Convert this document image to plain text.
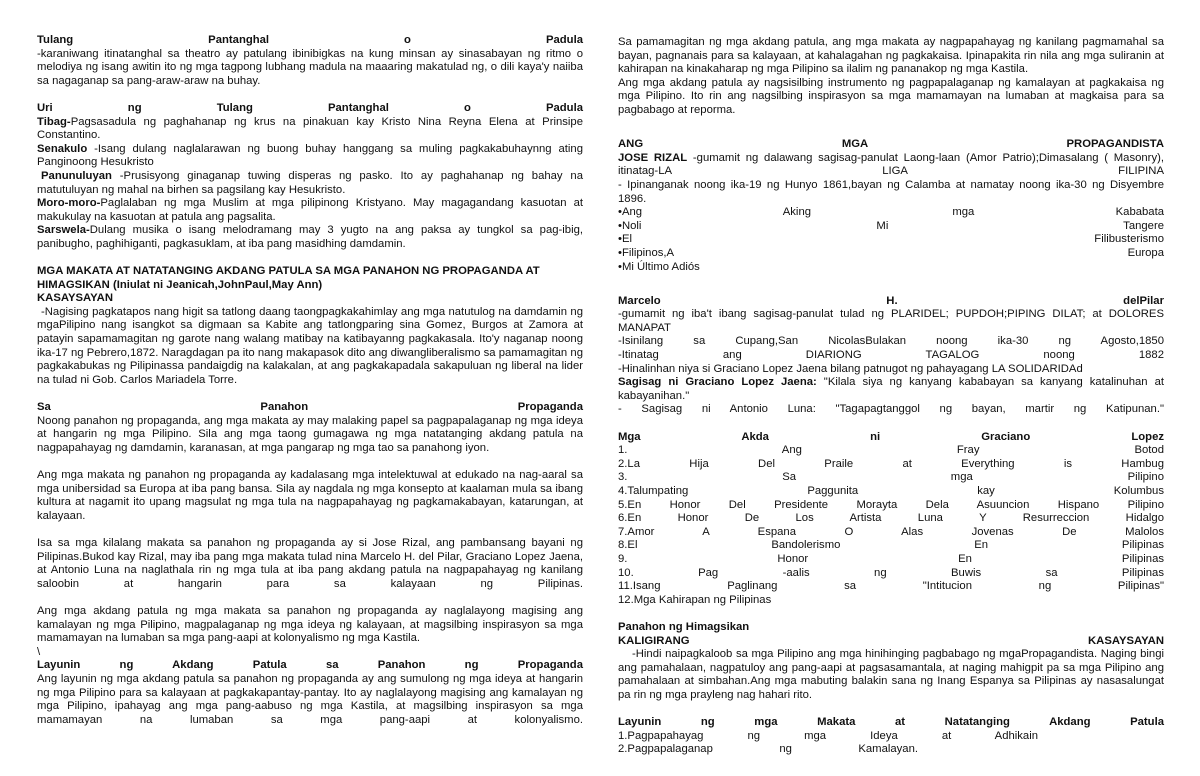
Tulang Pantanghal o Padula

-karaniwang itinatanghal sa theatro ay patulang ibinibigkas na kung minsan ay sinasabayan ng ritmo o melodiya ng isang awitin ito ng mga tagpong lubhang madula na maaaring makatulad ng, o dili kaya'y naiiba sa nagaganap sa pang-araw-araw na buhay.

Uri ng Tulang Pantanghal o Padula

Tibag-Pagsasadula ng paghahanap ng krus na pinakuan kay Kristo Nina Reyna Elena at Prinsipe Constantino.

Senakulo -Isang dulang naglalarawan ng buong buhay hanggang sa muling pagkakabuhaynng ating Panginoong Hesukristo

Panunuluyan -Prusisyong ginaganap tuwing disperas ng pasko. Ito ay paghahanap ng bahay na matutuluyan ng mahal na birhen sa pagsilang kay Hesukristo.

Moro-moro-Paglalaban ng mga Muslim at mga pilipinong Kristyano. May magagandang kasuotan at makukulay na kasuotan at patula ang pagsalita.

Sarswela-Dulang musika o isang melodramang may 3 yugto na ang paksa ay tungkol sa pag-ibig, panibugho, paghihiganti, pagkasuklam, at iba pang masidhing damdamin.

MGA MAKATA AT NATATANGING AKDANG PATULA SA MGA PANAHON NG PROPAGANDA AT HIMAGSIKAN (Iniulat ni Jeanicah,JohnPaul,May Ann)

KASAYSAYAN

-Nagising pagkatapos nang higit sa tatlong daang taongpagkakahimlay ang mga natutulog na damdamin ng mgaPilipino nang isangkot sa digmaan sa Kabite ang tatlongparing sina Gomez, Burgos at Zamora at patayin sapamamagitan ng garote nang walang matibay na katibayanng pagkakasala. Ito'y naganap noong ika-17 ng Pebrero,1872. Naragdagan pa ito nang makapasok dito ang diwangliberalismo sa pamamagitan ng pagkakabukas ng Pilipinassa pandaigdig na kalakalan, at ang pagkakapadala sakapuluan ng liberal na lider na tulad ni Gob. Carlos Mariadela Torre.

Sa Panahon Propaganda

Noong panahon ng propaganda, ang mga makata ay may malaking papel sa pagpapalaganap ng mga ideya at hangarin ng mga Pilipino. Sila ang mga taong gumagawa ng mga natatanging akdang patula na nagpapahayag ng damdamin, karanasan, at mga pangarap ng mga tao sa panahong iyon.

Ang mga makata ng panahon ng propaganda ay kadalasang mga intelektuwal at edukado na nag-aaral sa mga unibersidad sa Europa at iba pang bansa. Sila ay nagdala ng mga konsepto at kaalaman mula sa ibang kultura at nagamit ito upang magsulat ng mga tula na nagpapahayag ng pagkamakabayan, katarungan, at kalayaan.

Isa sa mga kilalang makata sa panahon ng propaganda ay si Jose Rizal, ang pambansang bayani ng Pilipinas.Bukod kay Rizal, may iba pang mga makata tulad nina Marcelo H. del Pilar, Graciano Lopez Jaena, at Antonio Luna na naglathala rin ng mga tula at iba pang akdang patula na nagpapahayag ng kanilang saloobin at hangarin para sa kalayaan ng Pilipinas.

Ang mga akdang patula ng mga makata sa panahon ng propaganda ay naglalayong magising ang kamalayan ng mga Pilipino, magpalaganap ng mga ideya ng kalayaan, at magsilbing inspirasyon sa mga mamamayan na lumaban sa mga pang-aapi at kolonyalismo ng mga Kastila.

\

Layunin ng Akdang Patula sa Panahon ng Propaganda

Ang layunin ng mga akdang patula sa panahon ng propaganda ay ang sumulong ng mga ideya at hangarin ng mga Pilipino para sa kalayaan at pagkakapantay-pantay. Ito ay naglalayong magising ang kamalayan ng mga Pilipino, ipahayag ang mga pang-aabuso ng mga Kastila, at magsilbing inspirasyon sa mga mamamayan na lumaban sa mga pang-aapi at kolonyalismo.

Sa pamamagitan ng mga akdang patula, ang mga makata ay nagpapahayag ng kanilang pagmamahal sa bayan, pagnanais para sa kalayaan, at kahalagahan ng pagkakaisa. Ipinapakita rin nila ang mga suliranin at kahirapan na kinakaharap ng mga Pilipino sa ilalim ng pananakop ng mga Kastila.

Ang mga akdang patula ay nagsisilbing instrumento ng pagpapalaganap ng kamalayan at pagkakaisa ng mga Pilipino. Ito rin ang nagsilbing inspirasyon sa mga mamamayan na lumaban at magkaisa para sa pagbabago at reporma.

ANG MGA PROPAGANDISTA

JOSE RIZAL -gumamit ng dalawang sagisag-panulat Laong-laan (Amor Patrio);Dimasalang ( Masonry), itinatag-LA LIGA FILIPINA

- Ipinanganak noong ika-19 ng Hunyo 1861,bayan ng Calamba at namatay noong ika-30 ng Disyembre 1896.

•Ang Aking mga Kababata

•Noli Mi Tangere

•El Filibusterismo

•Filipinos,A Europa

•Mi Último Adiós

Marcelo H. delPilar

-gumamit ng iba't ibang sagisag-panulat tulad ng PLARIDEL; PUPDOH;PIPING DILAT; at DOLORES MANAPAT

-Isinilang sa Cupang,San NicolasBulakan noong ika-30 ng Agosto,1850

-Itinatag ang DIARIONG TAGALOG noong 1882

-Hinalinhan niya si Graciano Lopez Jaena bilang patnugot ng pahayagang LA SOLIDARIDAd

Sagisag ni Graciano Lopez Jaena: "Kilala siya ng kanyang kababayan sa kanyang katalinuhan at kabayanihan."

- Sagisag ni Antonio Luna: "Tagapagtanggol ng bayan, martir ng Katipunan."

Mga Akda ni Graciano Lopez

1. Ang Fray Botod

2.La Hija Del Praile at Everything is Hambug

3. Sa mga Pilipino

4.Talumpating Paggunita kay Kolumbus

5.En Honor Del Presidente Morayta Dela Asuuncion Hispano Pilipino

6.En Honor De Los Artista Luna Y Resurreccion Hidalgo

7.Amor A Espana O Alas Jovenas De Malolos

8.El Bandolerismo En Pilipinas

9. Honor En Pilipinas

10. Pag -aalis ng Buwis sa Pilipinas

11.Isang Paglinang sa "Intitucion ng Pilipinas"

12.Mga Kahirapan ng Pilipinas

Panahon ng Himagsikan

KALIGIRANG KASAYSAYAN

-Hindi naipagkaloob sa mga Pilipino ang mga hinihinging pagbabago ng mgaPropagandista. Naging bingi ang pamahalaan, nagpatuloy ang pang-aapi at pagsasamantala, at naging mahigpit pa sa mga Pilipino ang pamahalaan at simbahan.Ang mga mabuting balakin sana ng Inang Espanya sa Pilipinas ay nasasalungat pa rin ng mga prayleng nag hahari rito.

Layunin ng mga Makata at Natatanging Akdang Patula

1.Pagpapahayag ng mga Ideya at Adhikain

2.Pagpapalaganap ng Kamalayan.
